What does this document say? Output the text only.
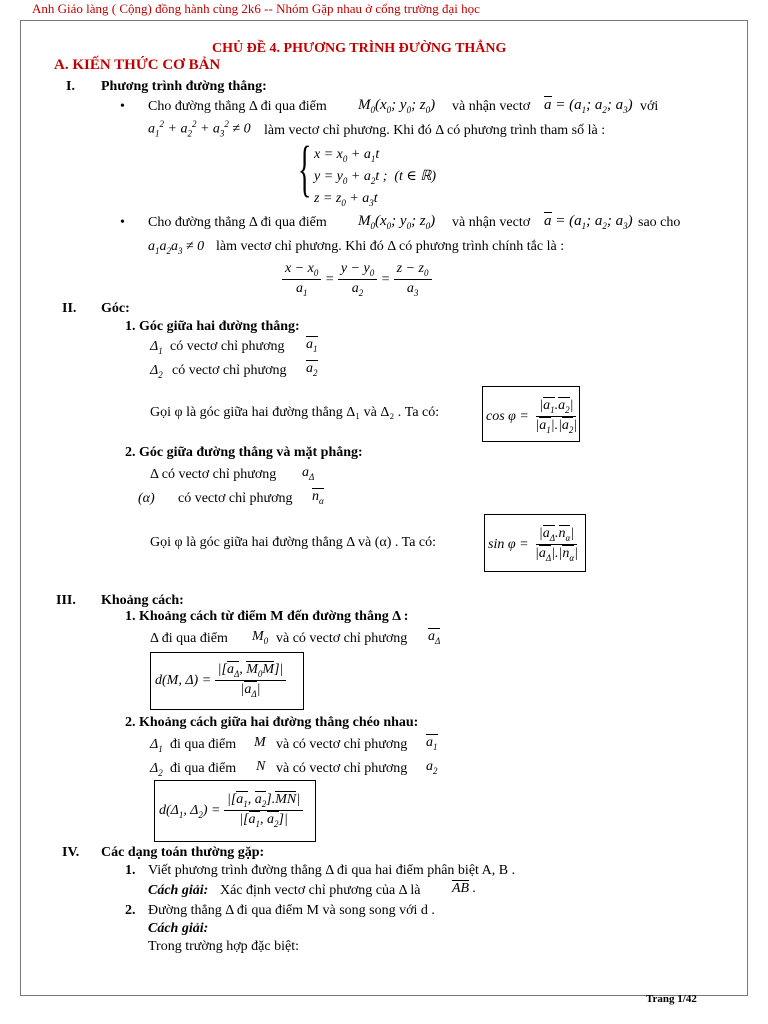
Anh Giáo làng ( Cộng) đồng hành cùng 2k6 -- Nhóm Gặp nhau ở cổng trường đại học
CHỦ ĐỀ 4. PHƯƠNG TRÌNH ĐƯỜNG THẲNG
A. KIẾN THỨC CƠ BẢN
I. Phương trình đường thẳng:
• Cho đường thẳng Δ đi qua điểm $M_0(x_0$; $y_0$; $z_0$) và nhận vectơ $a = (a_1$; $a_2$; $a_3$) với
$a_1^2 + a_2^2 + a_3^2 \ne 0$ làm vectơ chỉ phương. Khi đó Δ có phương trình tham số là :
{ $x = x_0 + a_1t$
$y = y_0 + a_2t$ ;  (t ∈ ℝ)
$z = z_0 + a_3t$
• Cho đường thẳng Δ đi qua điểm $M_0(x_0$; $y_0$; $z_0$) và nhận vectơ $a = (a_1$; $a_2$; $a_3$) sao cho
$a_1a_2a_3 \ne 0$ làm vectơ chỉ phương. Khi đó Δ có phương trình chính tắc là :
$\frac{x - x_0}{a_1} = \frac{y - y_0}{a_2} = \frac{z - z_0}{a_3}$
II. Góc:
1. Góc giữa hai đường thẳng:
$\Delta_1$ có vectơ chỉ phương $a_1$
$\Delta_2$ có vectơ chỉ phương $a_2$
Gọi φ là góc giữa hai đường thẳng Δ₁ và Δ₂ . Ta có:	$\cos \varphi = \frac{|a_1.a_2|}{|a_1|.|a_2|}$
2. Góc giữa đường thẳng và mặt phẳng:
Δ có vectơ chỉ phương $a_\Delta$
(α) có vectơ chỉ phương $n_\alpha$
Gọi φ là góc giữa hai đường thẳng Δ và (α) . Ta có:	$\sin \varphi = \frac{|a_\Delta.n_\alpha|}{|a_\Delta|.|n_\alpha|}$
III. Khoảng cách:
1. Khoảng cách từ điểm M đến đường thẳng Δ :
Δ đi qua điểm $M_0$ và có vectơ chỉ phương $a_\Delta$
d(M, $\Delta) = \frac{|[a_\Delta, M_0M]|}{|a_\Delta|}$
2. Khoảng cách giữa hai đường thẳng chéo nhau:
$\Delta_1$ đi qua điểm M và có vectơ chỉ phương $a_1$
$\Delta_2$ đi qua điểm N và có vectơ chỉ phương $a_2$
$d(\Delta_1$, $\Delta_2) = \frac{|[a_1, a_2].MN|}{|[a_1, a_2]|}$
IV. Các dạng toán thường gặp:
1. Viết phương trình đường thẳng Δ đi qua hai điểm phân biệt A, B .
Cách giải: Xác định vectơ chỉ phương của Δ là AB .
2. Đường thẳng Δ đi qua điểm M và song song với d .
Cách giải:
Trong trường hợp đặc biệt:
Trang 1/42
